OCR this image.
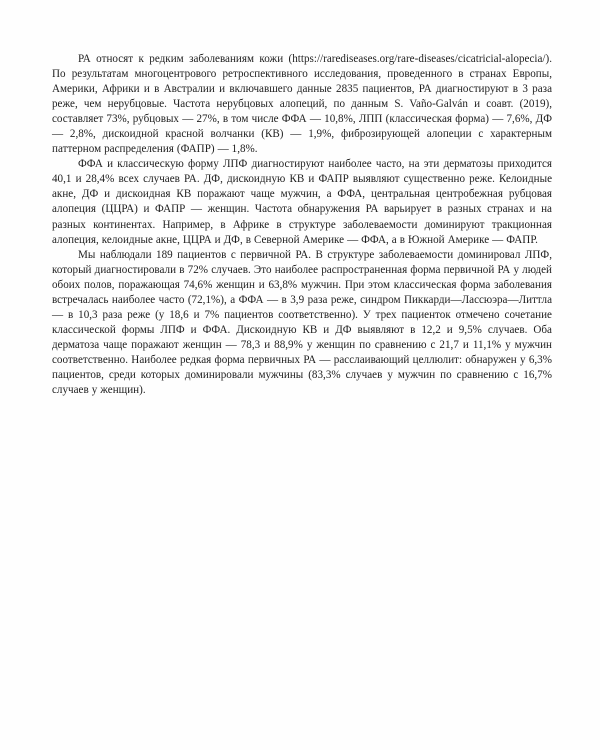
РА относят к редким заболеваниям кожи (https://rarediseases.org/rare-diseases/cicatricial-alopecia/). По результатам многоцентрового ретроспективного исследования, проведенного в странах Европы, Америки, Африки и в Австралии и включавшего данные 2835 пациентов, РА диагностируют в 3 раза реже, чем нерубцовые. Частота нерубцовых алопеций, по данным S. Vaño-Galván и соавт. (2019), составляет 73%, рубцовых — 27%, в том числе ФФА — 10,8%, ЛПП (классическая форма) — 7,6%, ДФ — 2,8%, дискоидной красной волчанки (КВ) — 1,9%, фиброзирующей алопеции с характерным паттерном распределения (ФАПР) — 1,8%.

ФФА и классическую форму ЛПФ диагностируют наиболее часто, на эти дерматозы приходится 40,1 и 28,4% всех случаев РА. ДФ, дискоидную КВ и ФАПР выявляют существенно реже. Келоидные акне, ДФ и дискоидная КВ поражают чаще мужчин, а ФФА, центральная центробежная рубцовая алопеция (ЦЦРА) и ФАПР — женщин. Частота обнаружения РА варьирует в разных странах и на разных континентах. Например, в Африке в структуре заболеваемости доминируют тракционная алопеция, келоидные акне, ЦЦРА и ДФ, в Северной Америке — ФФА, а в Южной Америке — ФАПР.

Мы наблюдали 189 пациентов с первичной РА. В структуре заболеваемости доминировал ЛПФ, который диагностировали в 72% случаев. Это наиболее распространенная форма первичной РА у людей обоих полов, поражающая 74,6% женщин и 63,8% мужчин. При этом классическая форма заболевания встречалась наиболее часто (72,1%), а ФФА — в 3,9 раза реже, синдром Пиккарди—Лассюэра—Литтла — в 10,3 раза реже (у 18,6 и 7% пациентов соответственно). У трех пациенток отмечено сочетание классической формы ЛПФ и ФФА. Дискоидную КВ и ДФ выявляют в 12,2 и 9,5% случаев. Оба дерматоза чаще поражают женщин — 78,3 и 88,9% у женщин по сравнению с 21,7 и 11,1% у мужчин соответственно. Наиболее редкая форма первичных РА — расслаивающий целлюлит: обнаружен у 6,3% пациентов, среди которых доминировали мужчины (83,3% случаев у мужчин по сравнению с 16,7% случаев у женщин).
